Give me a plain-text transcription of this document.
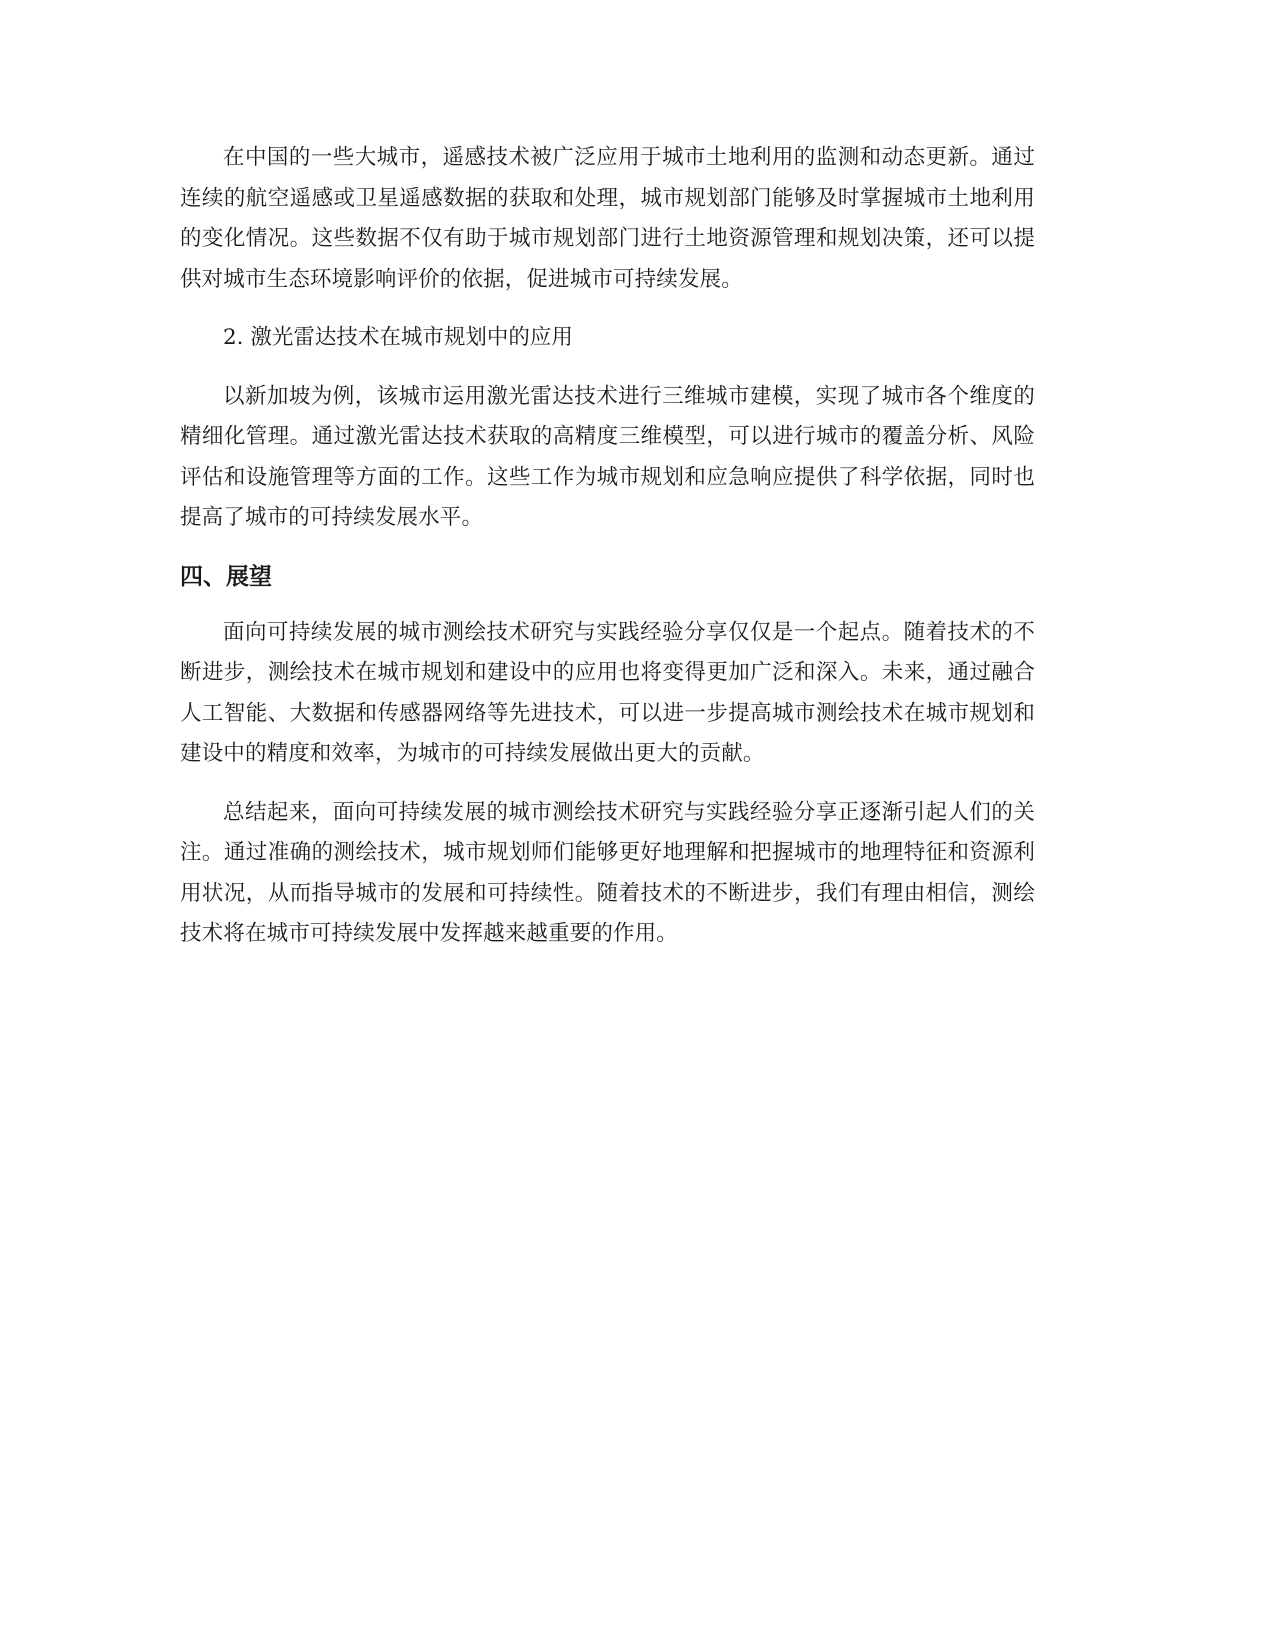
在中国的一些大城市，遥感技术被广泛应用于城市土地利用的监测和动态更新。通过连续的航空遥感或卫星遥感数据的获取和处理，城市规划部门能够及时掌握城市土地利用的变化情况。这些数据不仅有助于城市规划部门进行土地资源管理和规划决策，还可以提供对城市生态环境影响评价的依据，促进城市可持续发展。

2. 激光雷达技术在城市规划中的应用

以新加坡为例，该城市运用激光雷达技术进行三维城市建模，实现了城市各个维度的精细化管理。通过激光雷达技术获取的高精度三维模型，可以进行城市的覆盖分析、风险评估和设施管理等方面的工作。这些工作为城市规划和应急响应提供了科学依据，同时也提高了城市的可持续发展水平。

四、展望

面向可持续发展的城市测绘技术研究与实践经验分享仅仅是一个起点。随着技术的不断进步，测绘技术在城市规划和建设中的应用也将变得更加广泛和深入。未来，通过融合人工智能、大数据和传感器网络等先进技术，可以进一步提高城市测绘技术在城市规划和建设中的精度和效率，为城市的可持续发展做出更大的贡献。

总结起来，面向可持续发展的城市测绘技术研究与实践经验分享正逐渐引起人们的关注。通过准确的测绘技术，城市规划师们能够更好地理解和把握城市的地理特征和资源利用状况，从而指导城市的发展和可持续性。随着技术的不断进步，我们有理由相信，测绘技术将在城市可持续发展中发挥越来越重要的作用。
